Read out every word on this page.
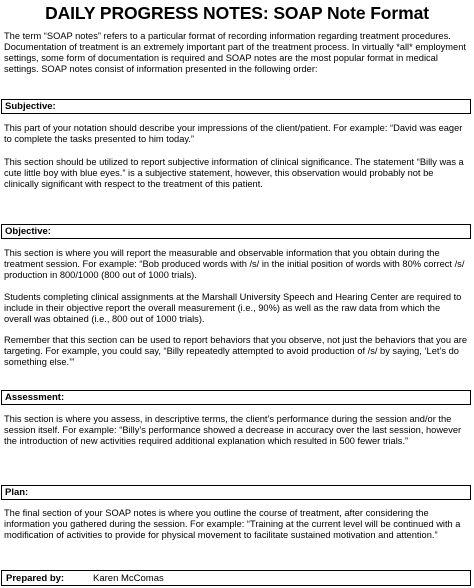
DAILY PROGRESS NOTES: SOAP Note Format

The term “SOAP notes” refers to a particular format of recording information regarding treatment procedures. Documentation of treatment is an extremely important part of the treatment process. In virtually *all* employment settings, some form of documentation is required and SOAP notes are the most popular format in medical settings. SOAP notes consist of information presented in the following order:

Subjective:

This part of your notation should describe your impressions of the client/patient. For example: “David was eager to complete the tasks presented to him today.”

This section should be utilized to report subjective information of clinical significance. The statement “Billy was a cute little boy with blue eyes.” is a subjective statement, however, this observation would probably not be clinically significant with respect to the treatment of this patient.

Objective:

This section is where you will report the measurable and observable information that you obtain during the treatment session. For example: “Bob produced words with /s/ in the initial position of words with 80% correct /s/ production in 800/1000 (800 out of 1000 trials).

Students completing clinical assignments at the Marshall University Speech and Hearing Center are required to include in their objective report the overall measurement (i.e., 90%) as well as the raw data from which the overall was obtained (i.e., 800 out of 1000 trials).

Remember that this section can be used to report behaviors that you observe, not just the behaviors that you are targeting. For example, you could say, “Billy repeatedly attempted to avoid production of /s/ by saying, ‘Let’s do something else.’”

Assessment:

This section is where you assess, in descriptive terms, the client’s performance during the session and/or the session itself. For example: “Billy’s performance showed a decrease in accuracy over the last session, however the introduction of new activities required additional explanation which resulted in 500 fewer trials.”

Plan:

The final section of your SOAP notes is where you outline the course of treatment, after considering the information you gathered during the session. For example: “Training at the current level will be continued with a modification of activities to provide for physical movement to facilitate sustained motivation and attention.”

Prepared by:	Karen McComas
